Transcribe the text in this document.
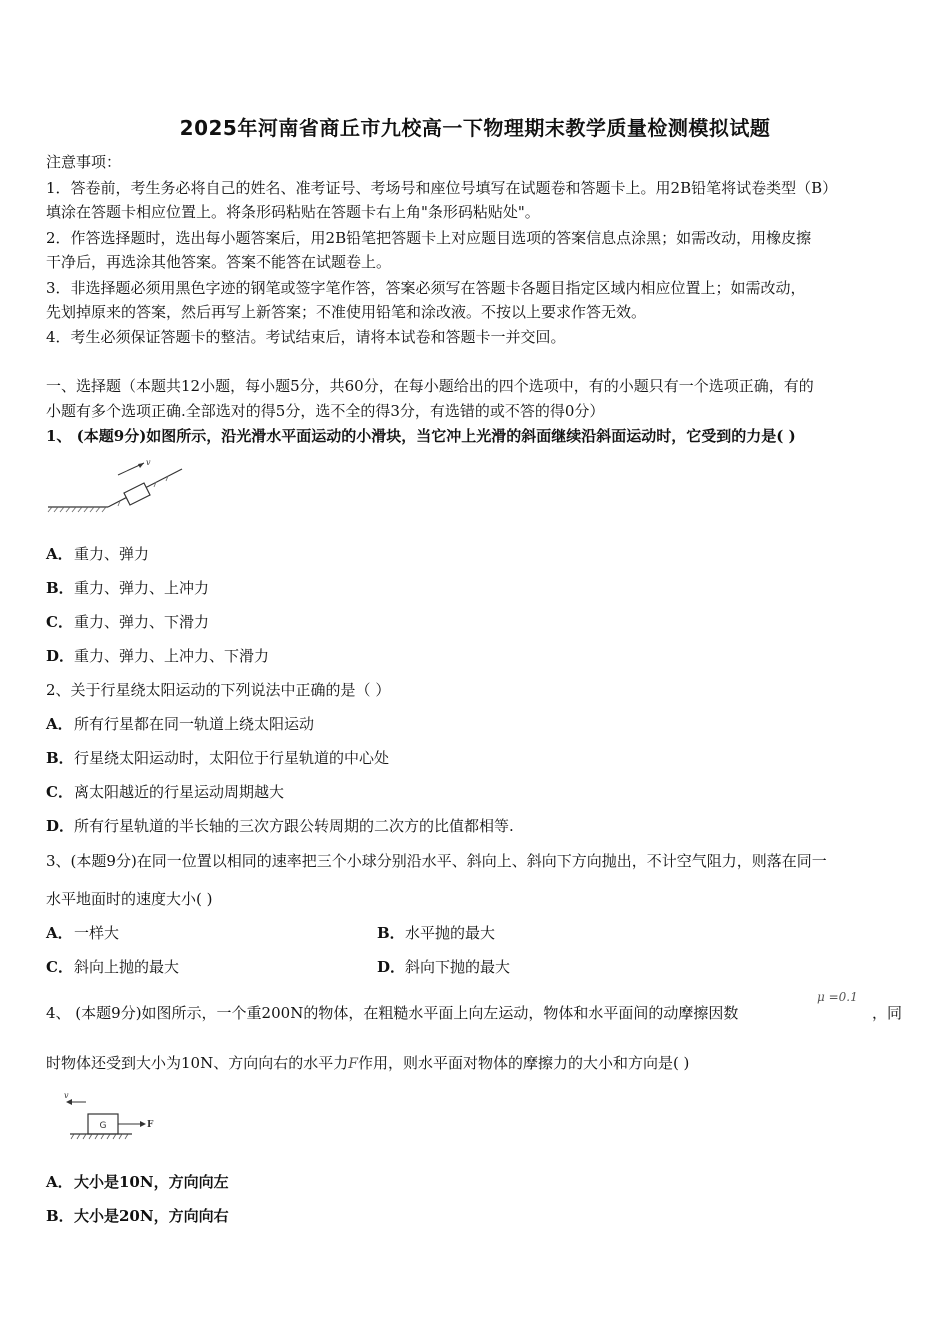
2025年河南省商丘市九校高一下物理期末教学质量检测模拟试题
注意事项：
1．答卷前，考生务必将自己的姓名、准考证号、考场号和座位号填写在试题卷和答题卡上。用2B铅笔将试卷类型（B）
填涂在答题卡相应位置上。将条形码粘贴在答题卡右上角"条形码粘贴处"。
2．作答选择题时，选出每小题答案后，用2B铅笔把答题卡上对应题目选项的答案信息点涂黑；如需改动，用橡皮擦
干净后，再选涂其他答案。答案不能答在试题卷上。
3．非选择题必须用黑色字迹的钢笔或签字笔作答，答案必须写在答题卡各题目指定区域内相应位置上；如需改动，
先划掉原来的答案，然后再写上新答案；不准使用铅笔和涂改液。不按以上要求作答无效。
4．考生必须保证答题卡的整洁。考试结束后，请将本试卷和答题卡一并交回。
一、选择题（本题共12小题，每小题5分，共60分，在每小题给出的四个选项中，有的小题只有一个选项正确，有的
小题有多个选项正确.全部选对的得5分，选不全的得3分，有选错的或不答的得0分）
1、 (本题9分)如图所示，沿光滑水平面运动的小滑块，当它冲上光滑的斜面继续沿斜面运动时，它受到的力是( )
v
A．重力、弹力
B．重力、弹力、上冲力
C．重力、弹力、下滑力
D．重力、弹力、上冲力、下滑力
2、关于行星绕太阳运动的下列说法中正确的是（ ）
A．所有行星都在同一轨道上绕太阳运动
B．行星绕太阳运动时，太阳位于行星轨道的中心处
C．离太阳越近的行星运动周期越大
D．所有行星轨道的半长轴的三次方跟公转周期的二次方的比值都相等.
3、(本题9分)在同一位置以相同的速率把三个小球分别沿水平、斜向上、斜向下方向抛出，不计空气阻力，则落在同一
水平地面时的速度大小( )
A．一样大	B．水平抛的最大
C．斜向上抛的最大	D．斜向下抛的最大
4、 (本题9分)如图所示，一个重200N的物体，在粗糙水平面上向左运动，物体和水平面间的动摩擦因数
μ =0.1
，同
时物体还受到大小为10N、方向向右的水平力F作用，则水平面对物体的摩擦力的大小和方向是( )
v
G	F
A．大小是10N，方向向左
B．大小是20N，方向向右
